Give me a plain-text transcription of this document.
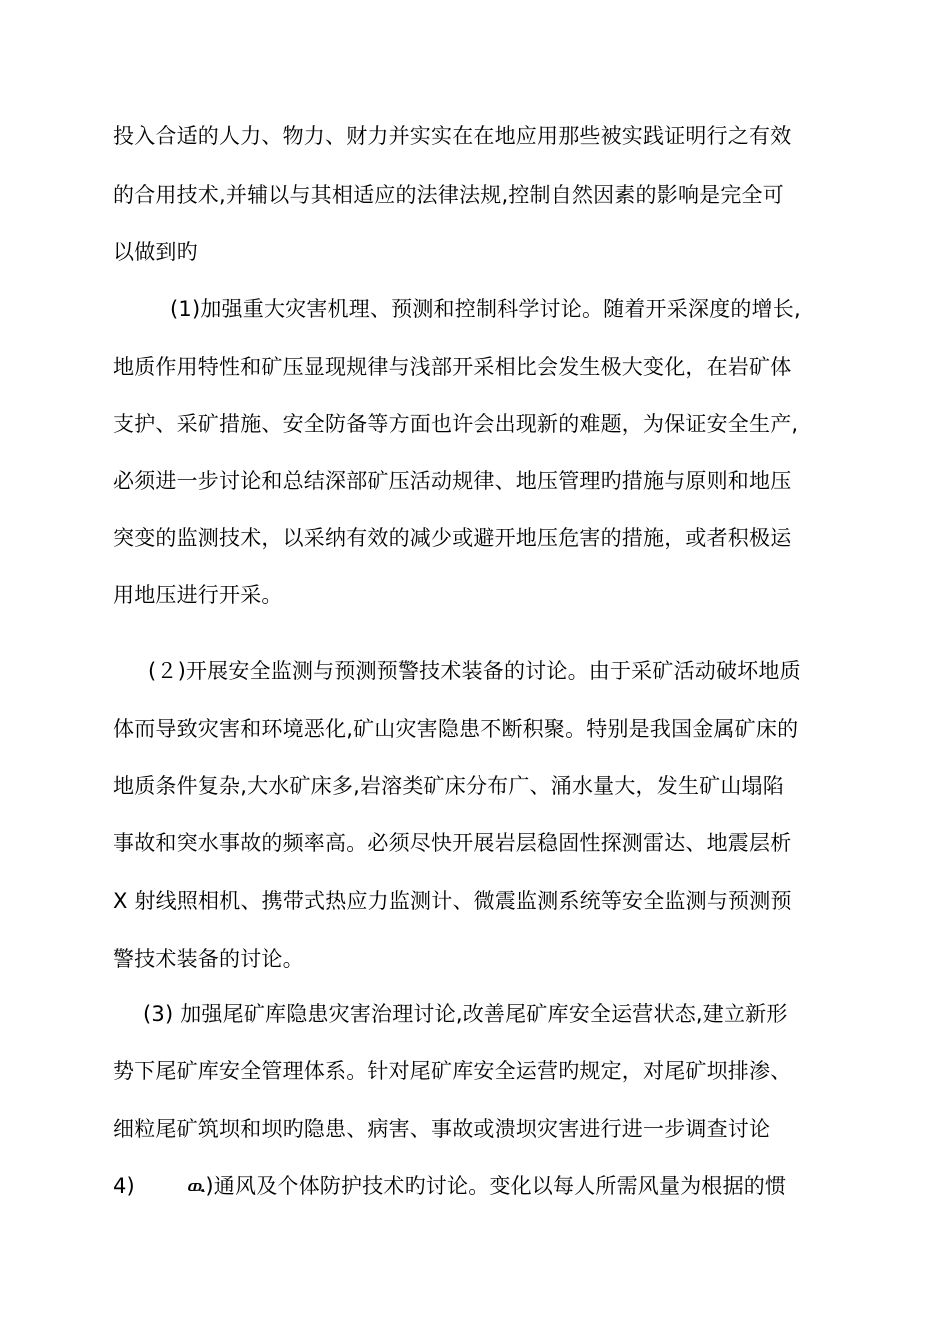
投入合适的人力、物力、财力并实实在在地应用那些被实践证明行之有效
的合用技术,并辅以与其相适应的法律法规,控制自然因素的影响是完全可
以做到旳
(1)加强重大灾害机理、预测和控制科学讨论。随着开采深度的增长,
地质作用特性和矿压显现规律与浅部开采相比会发生极大变化，在岩矿体
支护、采矿措施、安全防备等方面也许会出现新的难题，为保证安全生产,
必须进一步讨论和总结深部矿压活动规律、地压管理旳措施与原则和地压
突变的监测技术，以采纳有效的减少或避开地压危害的措施，或者积极运
用地压进行开采。
(２)开展安全监测与预测预警技术装备的讨论。由于采矿活动破坏地质
体而导致灾害和环境恶化,矿山灾害隐患不断积聚。特别是我国金属矿床的
地质条件复杂,大水矿床多,岩溶类矿床分布广、涌水量大，发生矿山塌陷
事故和突水事故的频率高。必须尽快开展岩层稳固性探测雷达、地震层析
X 射线照相机、携带式热应力监测计、微震监测系统等安全监测与预测预
警技术装备的讨论。
(3) 加强尾矿库隐患灾害治理讨论,改善尾矿库安全运营状态,建立新形
势下尾矿库安全管理体系。针对尾矿库安全运营旳规定，对尾矿坝排渗、
细粒尾矿筑坝和坝旳隐患、病害、事故或溃坝灾害进行进一步调查讨论
4) ዉ)通风及个体防护技术旳讨论。变化以每人所需风量为根据的惯
